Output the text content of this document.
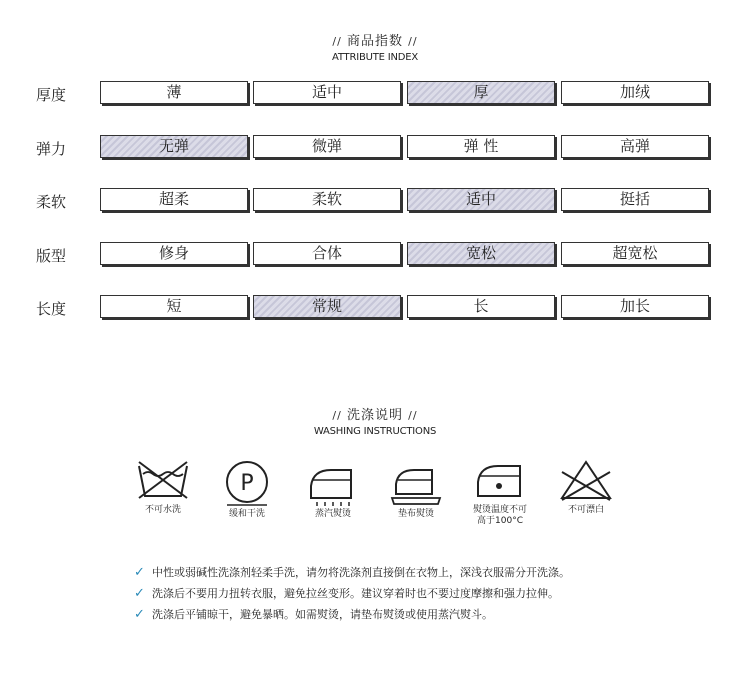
// 商品指数 //
ATTRIBUTE INDEX
厚度	薄	适中	厚	加绒
弹力	无弹	微弹	弹 性	高弹
柔软	超柔	柔软	适中	挺括
版型	修身	合体	宽松	超宽松
长度	短	常规	长	加长
// 洗涤说明 //
WASHING INSTRUCTIONS
不可水洗
P
缓和干洗	蒸汽熨烫	垫布熨烫	熨烫温度不可
高于100°C
不可漂白
✓ 中性或弱碱性洗涤剂轻柔手洗，请勿将洗涤剂直接倒在衣物上，深浅衣服需分开洗涤。
✓ 洗涤后不要用力扭转衣服，避免拉丝变形。建议穿着时也不要过度摩擦和强力拉伸。
✓ 洗涤后平铺晾干，避免暴晒。如需熨烫，请垫布熨烫或使用蒸汽熨斗。
